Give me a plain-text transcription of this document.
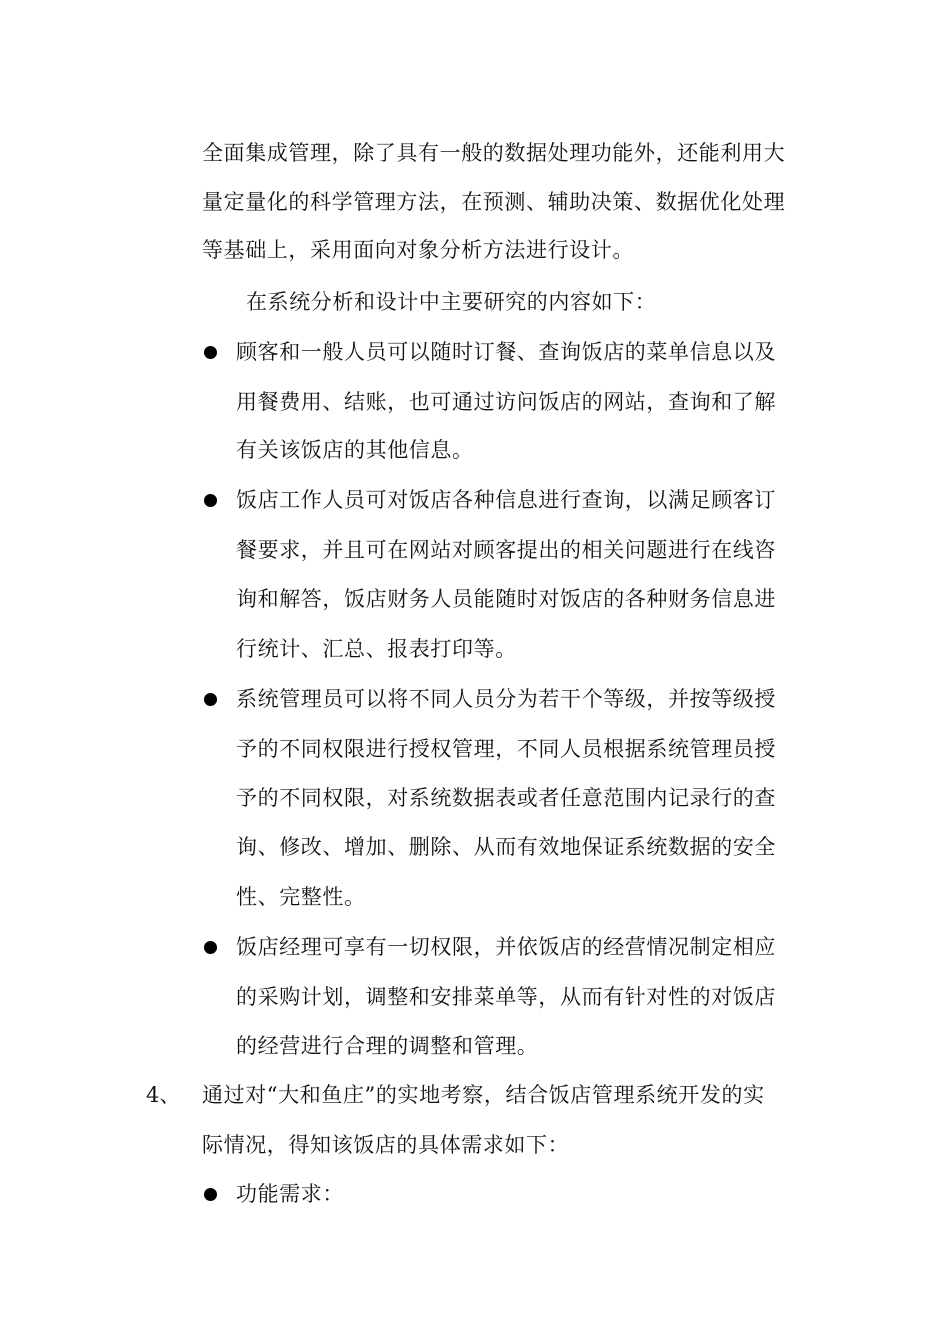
全面集成管理，除了具有一般的数据处理功能外，还能利用大
量定量化的科学管理方法，在预测、辅助决策、数据优化处理
等基础上，采用面向对象分析方法进行设计。
在系统分析和设计中主要研究的内容如下：
顾客和一般人员可以随时订餐、查询饭店的菜单信息以及
用餐费用、结账，也可通过访问饭店的网站，查询和了解
有关该饭店的其他信息。
饭店工作人员可对饭店各种信息进行查询，以满足顾客订
餐要求，并且可在网站对顾客提出的相关问题进行在线咨
询和解答，饭店财务人员能随时对饭店的各种财务信息进
行统计、汇总、报表打印等。
系统管理员可以将不同人员分为若干个等级，并按等级授
予的不同权限进行授权管理，不同人员根据系统管理员授
予的不同权限，对系统数据表或者任意范围内记录行的查
询、修改、增加、删除、从而有效地保证系统数据的安全
性、完整性。
饭店经理可享有一切权限，并依饭店的经营情况制定相应
的采购计划，调整和安排菜单等，从而有针对性的对饭店
的经营进行合理的调整和管理。
4、 通过对“大和鱼庄”的实地考察，结合饭店管理系统开发的实
际情况，得知该饭店的具体需求如下：
功能需求：
